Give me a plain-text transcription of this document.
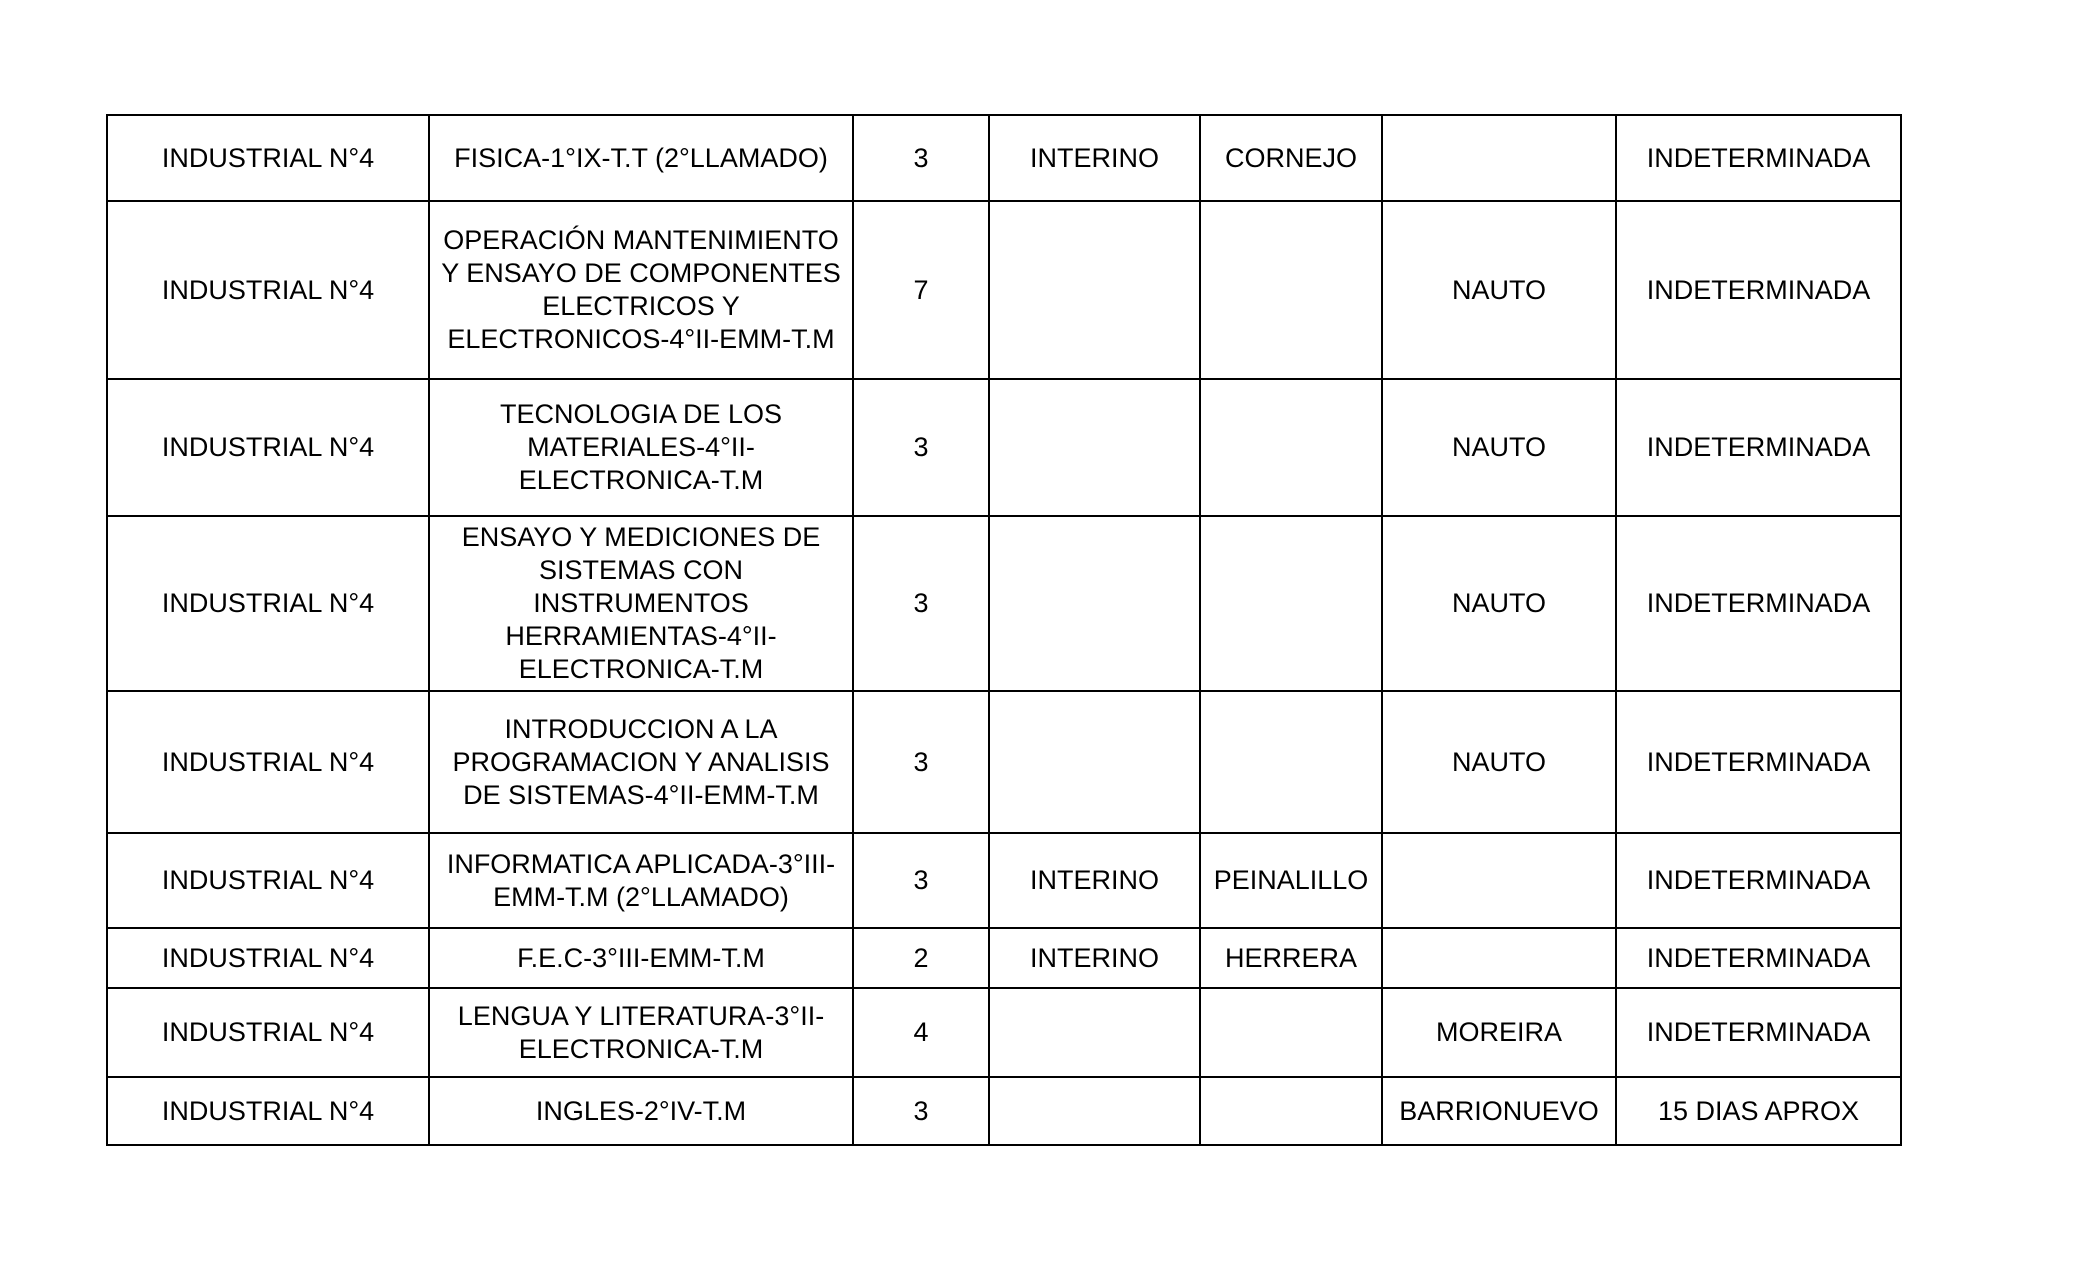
INDUSTRIAL N°4	FISICA-1°IX-T.T (2°LLAMADO)	3	INTERINO	CORNEJO		INDETERMINADA
INDUSTRIAL N°4	OPERACIÓN MANTENIMIENTO Y ENSAYO DE COMPONENTES ELECTRICOS Y ELECTRONICOS-4°II-EMM-T.M	7			NAUTO	INDETERMINADA
INDUSTRIAL N°4	TECNOLOGIA DE LOS MATERIALES-4°II-ELECTRONICA-T.M	3			NAUTO	INDETERMINADA
INDUSTRIAL N°4	ENSAYO Y MEDICIONES DE SISTEMAS CON INSTRUMENTOS HERRAMIENTAS-4°II-ELECTRONICA-T.M	3			NAUTO	INDETERMINADA
INDUSTRIAL N°4	INTRODUCCION A LA PROGRAMACION Y ANALISIS DE SISTEMAS-4°II-EMM-T.M	3			NAUTO	INDETERMINADA
INDUSTRIAL N°4	INFORMATICA APLICADA-3°III-EMM-T.M (2°LLAMADO)	3	INTERINO	PEINALILLO		INDETERMINADA
INDUSTRIAL N°4	F.E.C-3°III-EMM-T.M	2	INTERINO	HERRERA		INDETERMINADA
INDUSTRIAL N°4	LENGUA Y LITERATURA-3°II-ELECTRONICA-T.M	4			MOREIRA	INDETERMINADA
INDUSTRIAL N°4	INGLES-2°IV-T.M	3			BARRIONUEVO	15 DIAS APROX
